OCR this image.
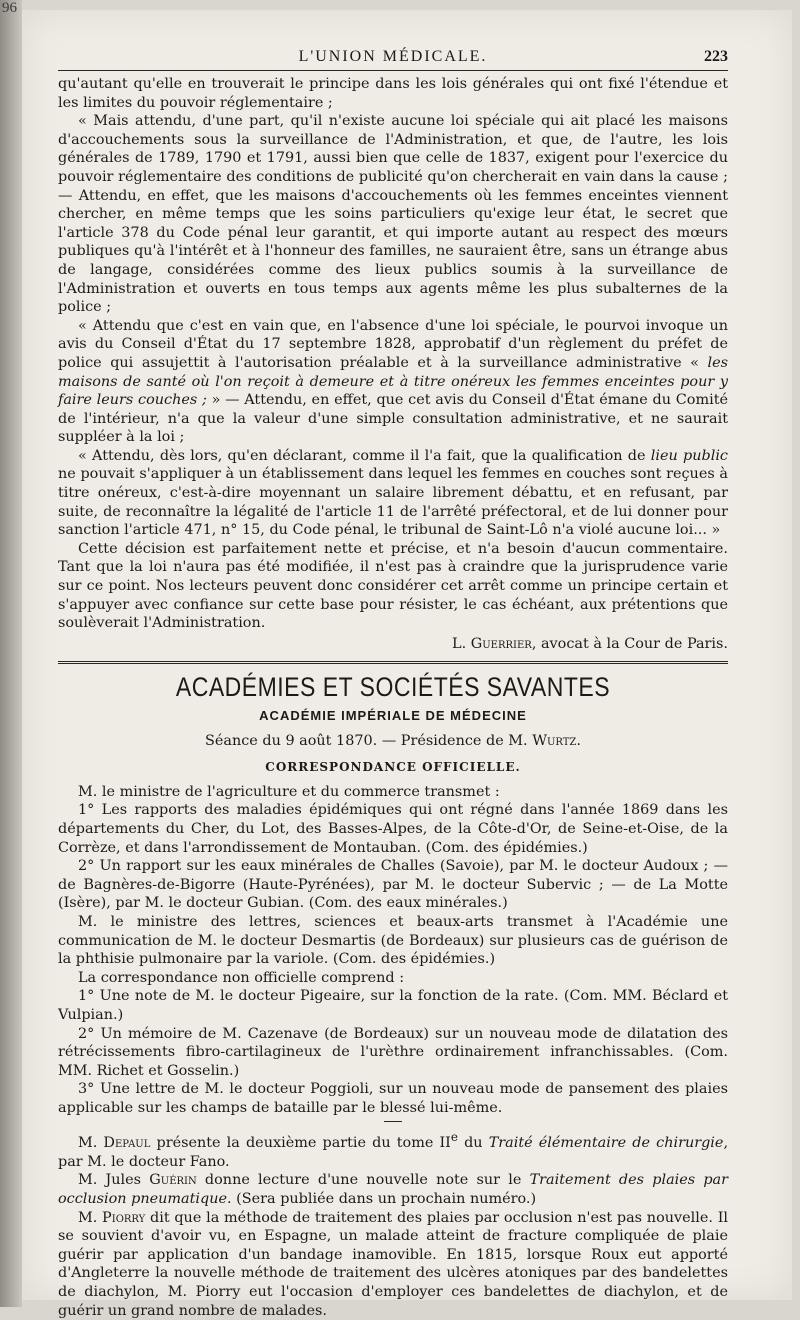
96
L'UNION MÉDICALE.	223

qu'autant qu'elle en trouverait le principe dans les lois générales qui ont fixé l'étendue et les limites du pouvoir réglementaire ;

« Mais attendu, d'une part, qu'il n'existe aucune loi spéciale qui ait placé les maisons d'accouchements sous la surveillance de l'Administration, et que, de l'autre, les lois générales de 1789, 1790 et 1791, aussi bien que celle de 1837, exigent pour l'exercice du pouvoir réglementaire des conditions de publicité qu'on chercherait en vain dans la cause ; — Attendu, en effet, que les maisons d'accouchements où les femmes enceintes viennent chercher, en même temps que les soins particuliers qu'exige leur état, le secret que l'article 378 du Code pénal leur garantit, et qui importe autant au respect des mœurs publiques qu'à l'intérêt et à l'honneur des familles, ne sauraient être, sans un étrange abus de langage, considérées comme des lieux publics soumis à la surveillance de l'Administration et ouverts en tous temps aux agents même les plus subalternes de la police ;

« Attendu que c'est en vain que, en l'absence d'une loi spéciale, le pourvoi invoque un avis du Conseil d'État du 17 septembre 1828, approbatif d'un règlement du préfet de police qui assujettit à l'autorisation préalable et à la surveillance administrative « les maisons de santé où l'on reçoit à demeure et à titre onéreux les femmes enceintes pour y faire leurs couches ; » — Attendu, en effet, que cet avis du Conseil d'État émane du Comité de l'intérieur, n'a que la valeur d'une simple consultation administrative, et ne saurait suppléer à la loi ;

« Attendu, dès lors, qu'en déclarant, comme il l'a fait, que la qualification de lieu public ne pouvait s'appliquer à un établissement dans lequel les femmes en couches sont reçues à titre onéreux, c'est-à-dire moyennant un salaire librement débattu, et en refusant, par suite, de reconnaître la légalité de l'article 11 de l'arrêté préfectoral, et de lui donner pour sanction l'article 471, n° 15, du Code pénal, le tribunal de Saint-Lô n'a violé aucune loi... »

Cette décision est parfaitement nette et précise, et n'a besoin d'aucun commentaire. Tant que la loi n'aura pas été modifiée, il n'est pas à craindre que la jurisprudence varie sur ce point. Nos lecteurs peuvent donc considérer cet arrêt comme un principe certain et s'appuyer avec confiance sur cette base pour résister, le cas échéant, aux prétentions que soulèverait l'Administration.

L. Guerrier, avocat à la Cour de Paris.

ACADÉMIES ET SOCIÉTÉS SAVANTES
ACADÉMIE IMPÉRIALE DE MÉDECINE
Séance du 9 août 1870. — Présidence de M. Wurtz.
CORRESPONDANCE OFFICIELLE.

M. le ministre de l'agriculture et du commerce transmet :

1° Les rapports des maladies épidémiques qui ont régné dans l'année 1869 dans les départements du Cher, du Lot, des Basses-Alpes, de la Côte-d'Or, de Seine-et-Oise, de la Corrèze, et dans l'arrondissement de Montauban. (Com. des épidémies.)

2° Un rapport sur les eaux minérales de Challes (Savoie), par M. le docteur Audoux ; — de Bagnères-de-Bigorre (Haute-Pyrénées), par M. le docteur Subervic ; — de La Motte (Isère), par M. le docteur Gubian. (Com. des eaux minérales.)

M. le ministre des lettres, sciences et beaux-arts transmet à l'Académie une communication de M. le docteur Desmartis (de Bordeaux) sur plusieurs cas de guérison de la phthisie pulmonaire par la variole. (Com. des épidémies.)

La correspondance non officielle comprend :

1° Une note de M. le docteur Pigeaire, sur la fonction de la rate. (Com. MM. Béclard et Vulpian.)

2° Un mémoire de M. Cazenave (de Bordeaux) sur un nouveau mode de dilatation des rétrécissements fibro-cartilagineux de l'urèthre ordinairement infranchissables. (Com. MM. Richet et Gosselin.)

3° Une lettre de M. le docteur Poggioli, sur un nouveau mode de pansement des plaies applicable sur les champs de bataille par le blessé lui-même.

M. Depaul présente la deuxième partie du tome IIe du Traité élémentaire de chirurgie, par M. le docteur Fano.

M. Jules Guérin donne lecture d'une nouvelle note sur le Traitement des plaies par occlusion pneumatique. (Sera publiée dans un prochain numéro.)

M. Piorry dit que la méthode de traitement des plaies par occlusion n'est pas nouvelle. Il se souvient d'avoir vu, en Espagne, un malade atteint de fracture compliquée de plaie guérir par application d'un bandage inamovible. En 1815, lorsque Roux eut apporté d'Angleterre la nouvelle méthode de traitement des ulcères atoniques par des bandelettes de diachylon, M. Piorry eut l'occasion d'employer ces bandelettes de diachylon, et de guérir un grand nombre de malades.
